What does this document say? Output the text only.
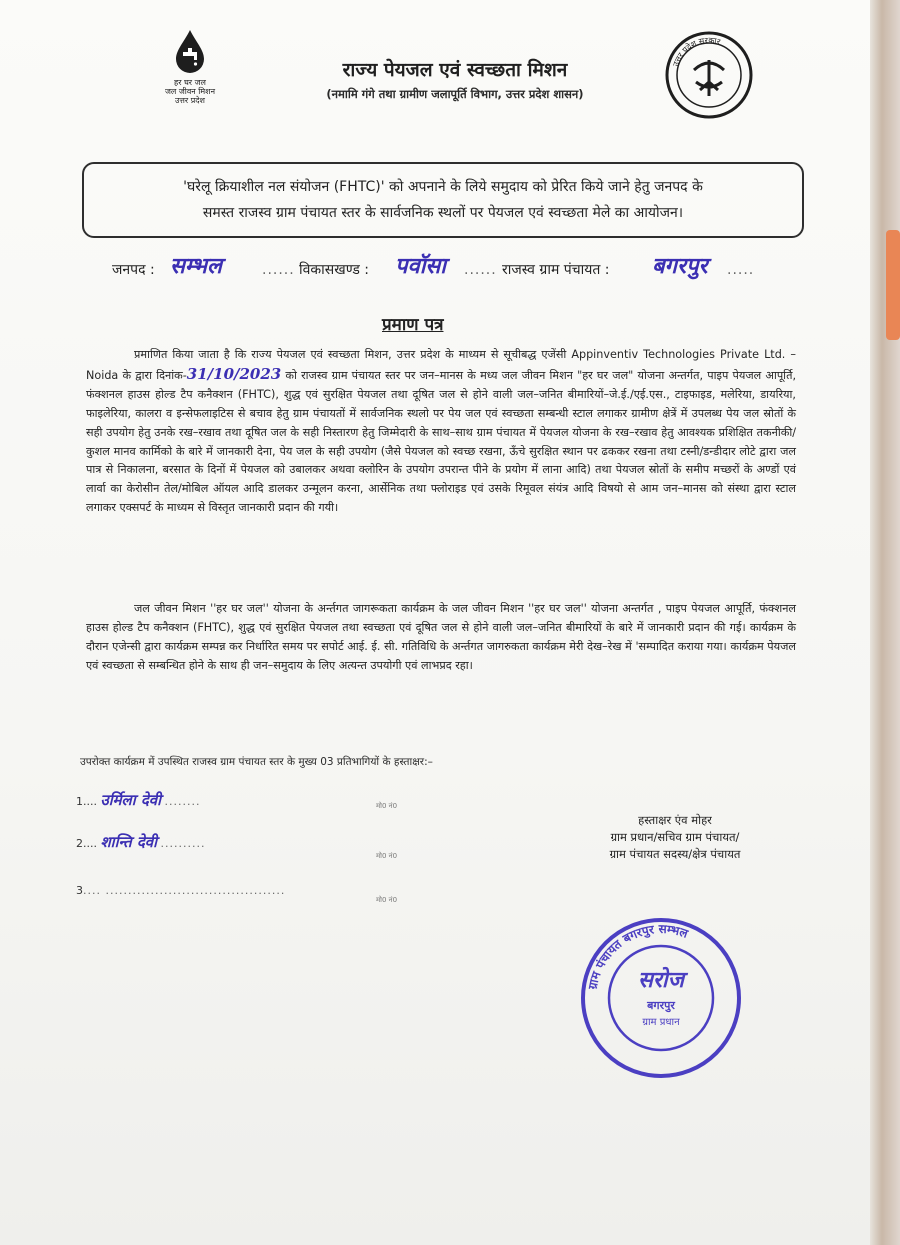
हर घर जल
जल जीवन मिशन
उत्तर प्रदेश
राज्य पेयजल एवं स्वच्छता मिशन
(नमामि गंगे तथा ग्रामीण जलापूर्ति विभाग, उत्तर प्रदेश शासन)
उत्तर प्रदेश सरकार
'घरेलू क्रियाशील नल संयोजन (FHTC)' को अपनाने के लिये समुदाय को प्रेरित किये जाने हेतु जनपद के
समस्त राजस्व ग्राम पंचायत स्तर के सार्वजनिक स्थलों पर पेयजल एवं स्वच्छता मेले का आयोजन।
जनपद : सम्भल	...... विकासखण्ड : पवॉसा ...... राजस्व ग्राम पंचायत : बगरपुर .....
प्रमाण पत्र
प्रमाणित किया जाता है कि राज्य पेयजल एवं स्वच्छता मिशन, उत्तर प्रदेश के माध्यम से सूचीबद्ध एजेंसी Appinventiv Technologies Private Ltd. – Noida के द्वारा दिनांक-31/10/2023 को राजस्व ग्राम पंचायत स्तर पर जन–मानस के मध्य जल जीवन मिशन "हर घर जल" योजना अन्तर्गत, पाइप पेयजल आपूर्ति, फंक्शनल हाउस होल्ड टैप कनैक्शन (FHTC), शुद्ध एवं सुरक्षित पेयजल तथा दूषित जल से होने वाली जल–जनित बीमारियों–जे.ई./एई.एस., टाइफाइड, मलेरिया, डायरिया, फाइलेरिया, कालरा व इन्सेफलाइटिस से बचाव हेतु ग्राम पंचायतों में सार्वजनिक स्थलो पर पेय जल एवं स्वच्छता सम्बन्धी स्टाल लगाकर ग्रामीण क्षेत्रें में उपलब्ध पेय जल स्रोतों के सही उपयोग हेतु उनके रख–रखाव तथा दूषित जल के सही निस्तारण हेतु जिम्मेदारी के साथ–साथ ग्राम पंचायत में पेयजल योजना के रख–रखाव हेतु आवश्यक प्रशिक्षित तकनीकी/कुशल मानव कार्मिको के बारे में जानकारी देना, पेय जल के सही उपयोग (जैसे पेयजल को स्वच्छ रखना, ऊँचे सुरक्षित स्थान पर ढककर रखना तथा टस्नी/डन्डीदार लोटे द्वारा जल पात्र से निकालना, बरसात के दिनों में पेयजल को उबालकर अथवा क्लोरिन के उपयोग उपरान्त पीने के प्रयोग में लाना आदि) तथा पेयजल स्रोतों के समीप मच्छरों के अण्डों एवं लार्वा का केरोसीन तेल/मोबिल ऑयल आदि डालकर उन्मूलन करना, आर्सेनिक तथा फ्लोराइड एवं उसके रिमूवल संयंत्र आदि विषयो से आम जन–मानस को संस्था द्वारा स्टाल लगाकर एक्सपर्ट के माध्यम से विस्तृत जानकारी प्रदान की गयी।
जल जीवन मिशन ''हर घर जल'' योजना के अर्न्तगत जागरूकता कार्यक्रम के जल जीवन मिशन ''हर घर जल'' योजना अन्तर्गत , पाइप पेयजल आपूर्ति, फंक्शनल हाउस होल्ड टैप कनैक्शन (FHTC), शुद्ध एवं सुरक्षित पेयजल तथा स्वच्छता एवं दूषित जल से होने वाली जल–जनित बीमारियों के बारे में जानकारी प्रदान की गई। कार्यक्रम के दौरान एजेन्सी द्वारा कार्यक्रम सम्पन्न कर निर्धारित समय पर सपोर्ट आई. ई. सी. गतिविधि के अर्न्तगत जागरुकता कार्यक्रम मेरी देख–रेख में 'सम्पादित कराया गया। कार्यक्रम पेयजल एवं स्वच्छता से सम्बन्धित होने के साथ ही जन–समुदाय के लिए अत्यन्त उपयोगी एवं लाभप्रद रहा।
उपरोक्त कार्यक्रम में उपस्थित राजस्व ग्राम पंचायत स्तर के मुख्य 03 प्रतिभागियों के हस्ताक्षर:–
1.... उर्मिला देवी ........	मो0 नं0
2.... शान्ति देवी ..........
मो0 नं0
3.... ........................................
मो0 नं0
हस्ताक्षर एंव मोहर
ग्राम प्रधान/सचिव ग्राम पंचायत/
ग्राम पंचायत सदस्य/क्षेत्र पंचायत
ग्राम पंचायत बगरपुर सम्भल
सरोज
बगरपुर
ग्राम प्रधान
